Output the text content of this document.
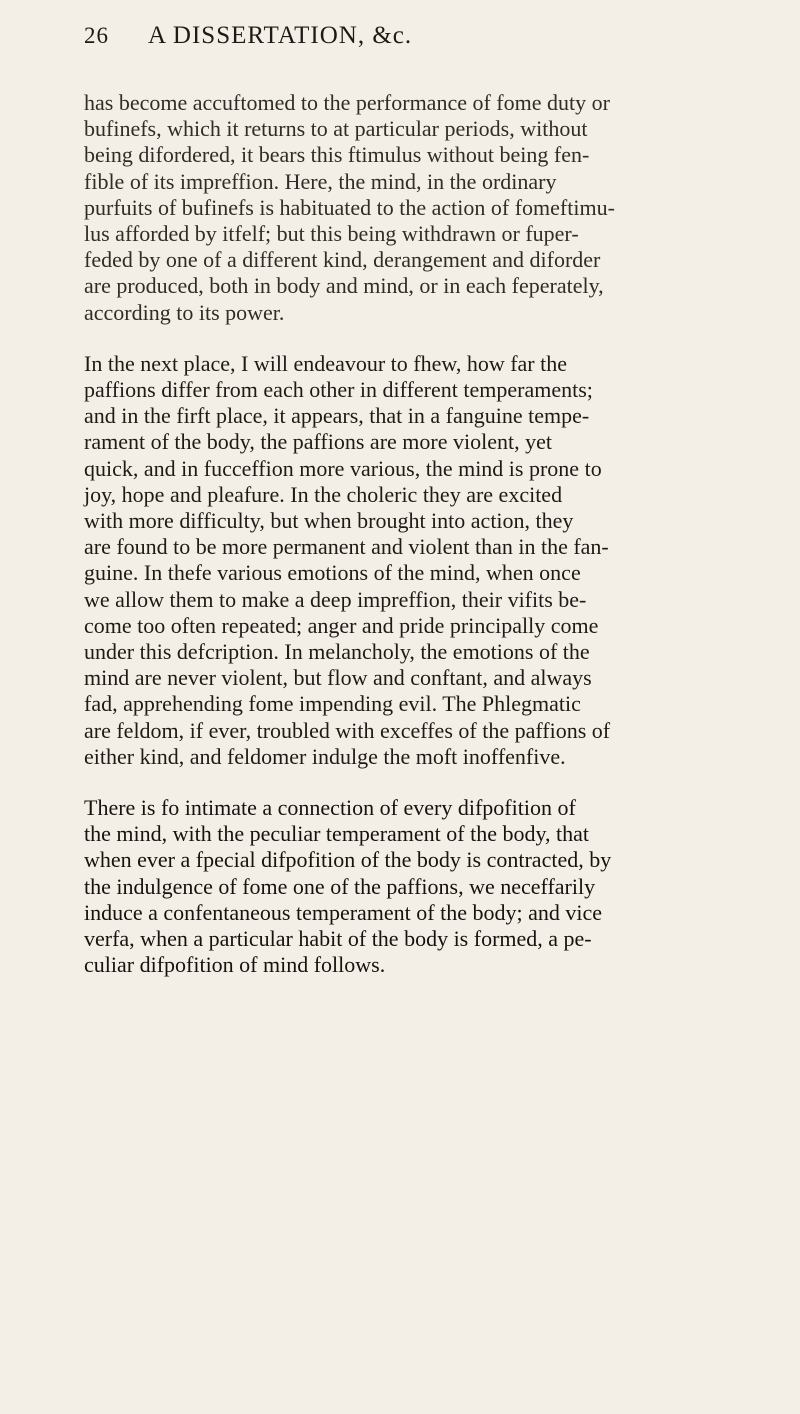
26	A DISSERTATION, &c.

has become accuftomed to the performance of fome duty or
bufinefs, which it returns to at particular periods, without
being difordered, it bears this ftimulus without being fen-
fible of its impreffion. Here, the mind, in the ordinary
purfuits of bufinefs is habituated to the action of fomeftimu-
lus afforded by itfelf; but this being withdrawn or fuper-
feded by one of a different kind, derangement and diforder
are produced, both in body and mind, or in each feperately,
according to its power.

In the next place, I will endeavour to fhew, how far the
paffions differ from each other in different temperaments;
and in the firft place, it appears, that in a fanguine tempe-
rament of the body, the paffions are more violent, yet
quick, and in fucceffion more various, the mind is prone to
joy, hope and pleafure. In the choleric they are excited
with more difficulty, but when brought into action, they
are found to be more permanent and violent than in the fan-
guine. In thefe various emotions of the mind, when once
we allow them to make a deep impreffion, their vifits be-
come too often repeated; anger and pride principally come
under this defcription. In melancholy, the emotions of the
mind are never violent, but flow and conftant, and always
fad, apprehending fome impending evil. The Phlegmatic
are feldom, if ever, troubled with exceffes of the paffions of
either kind, and feldomer indulge the moft inoffenfive.

There is fo intimate a connection of every difpofition of
the mind, with the peculiar temperament of the body, that
when ever a fpecial difpofition of the body is contracted, by
the indulgence of fome one of the paffions, we neceffarily
induce a confentaneous temperament of the body; and vice
verfa, when a particular habit of the body is formed, a pe-
culiar difpofition of mind follows.
